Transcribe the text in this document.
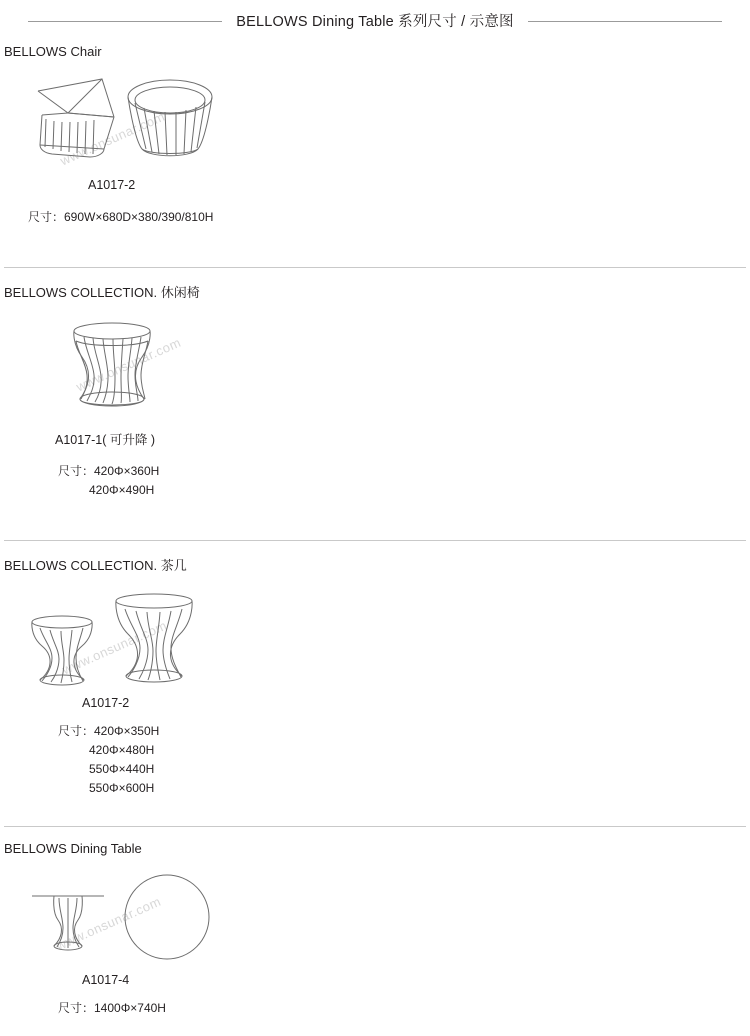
BELLOWS Dining Table 系列尺寸 / 示意图
BELLOWS Chair
www.onsunar.com
A1017-2
尺寸：690W×680D×380/390/810H
BELLOWS COLLECTION. 休闲椅
www.onsunar.com
A1017-1( 可升降 )
尺寸：420Φ×360H
420Φ×490H
BELLOWS COLLECTION. 茶几
www.onsunar.com
A1017-2
尺寸：420Φ×350H
420Φ×480H
550Φ×440H
550Φ×600H
BELLOWS Dining Table
www.onsunar.com
A1017-4
尺寸：1400Φ×740H
